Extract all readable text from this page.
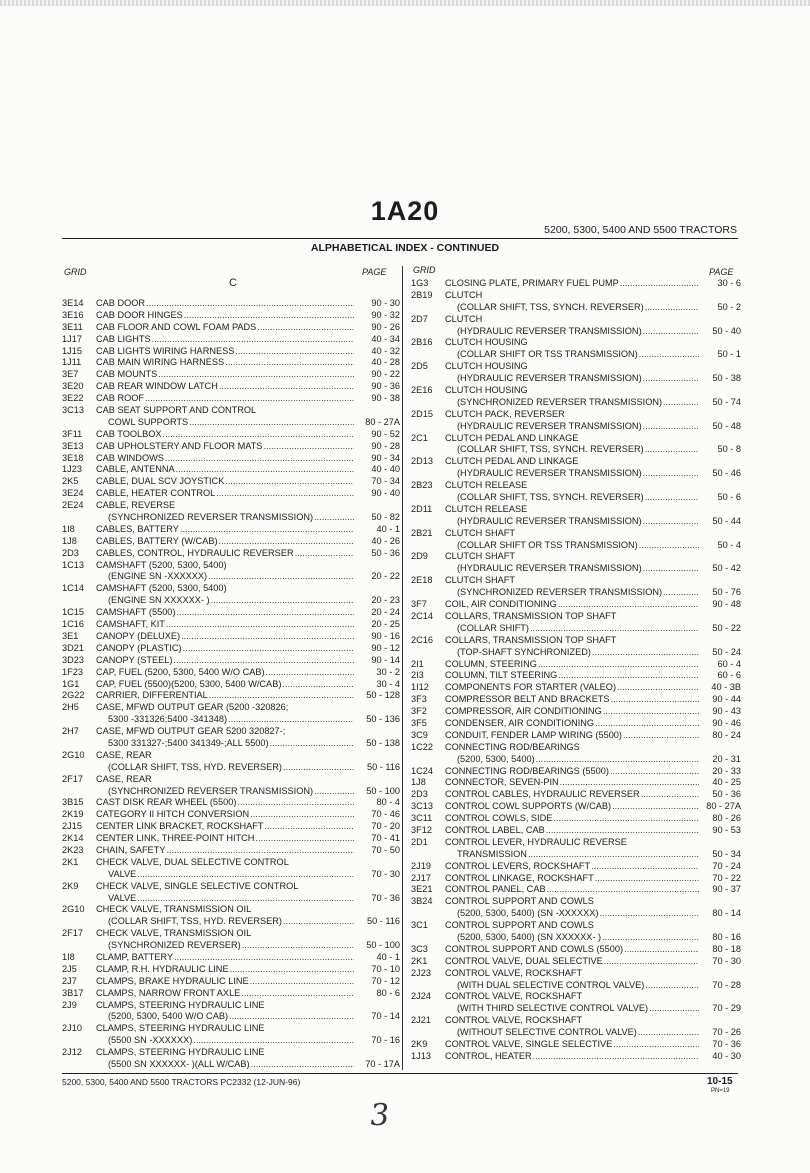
1A20
5200, 5300, 5400 AND 5500 TRACTORS
ALPHABETICAL INDEX - CONTINUED
GRID	PAGE	GRID	PAGE
C
3E14	CAB DOOR .....	90 - 30
3E16	CAB DOOR HINGES .....	90 - 32
3E11	CAB FLOOR AND COWL FOAM PADS .....	90 - 26
1J17	CAB LIGHTS .....	40 - 34
1J15	CAB LIGHTS WIRING HARNESS .....	40 - 32
1J11	CAB MAIN WIRING HARNESS .....	40 - 28
3E7	CAB MOUNTS .....	90 - 22
3E20	CAB REAR WINDOW LATCH .....	90 - 36
3E22	CAB ROOF .....	90 - 38
3C13	CAB SEAT SUPPORT AND CONTROL
COWL SUPPORTS .....	80 - 27A
3F11	CAB TOOLBOX .....	90 - 52
3E13	CAB UPHOLSTERY AND FLOOR MATS .....	90 - 28
3E18	CAB WINDOWS .....	90 - 34
1J23	CABLE, ANTENNA .....	40 - 40
2K5	CABLE, DUAL SCV JOYSTICK .....	70 - 34
3E24	CABLE, HEATER CONTROL .....	90 - 40
2E24	CABLE, REVERSE
(SYNCHRONIZED REVERSER TRANSMISSION) .....	50 - 82
1I8	CABLES, BATTERY .....	40 - 1
1J8	CABLES, BATTERY (W/CAB) .....	40 - 26
2D3	CABLES, CONTROL, HYDRAULIC REVERSER .....	50 - 36
1C13	CAMSHAFT (5200, 5300, 5400)
(ENGINE SN -XXXXXX) .....	20 - 22
1C14	CAMSHAFT (5200, 5300, 5400)
(ENGINE SN XXXXXX- ) .....	20 - 23
1C15	CAMSHAFT (5500) .....	20 - 24
1C16	CAMSHAFT, KIT .....	20 - 25
3E1	CANOPY (DELUXE) .....	90 - 16
3D21	CANOPY (PLASTIC) .....	90 - 12
3D23	CANOPY (STEEL) .....	90 - 14
1F23	CAP, FUEL (5200, 5300, 5400 W/O CAB) .....	30 - 2
1G1	CAP, FUEL (5500)(5200, 5300, 5400 W/CAB) .....	30 - 4
2G22	CARRIER, DIFFERENTIAL .....	50 - 128
2H5	CASE, MFWD OUTPUT GEAR (5200 -320826;
5300 -331326;5400 -341348) .....	50 - 136
2H7	CASE, MFWD OUTPUT GEAR 5200 320827-;
5300 331327-;5400 341349-;ALL 5500) .....	50 - 138
2G10	CASE, REAR
(COLLAR SHIFT, TSS, HYD. REVERSER) .....	50 - 116
2F17	CASE, REAR
(SYNCHRONIZED REVERSER TRANSMISSION) .....	50 - 100
3B15	CAST DISK REAR WHEEL (5500) .....	80 - 4
2K19	CATEGORY II HITCH CONVERSION .....	70 - 46
2J15	CENTER LINK BRACKET, ROCKSHAFT .....	70 - 20
2K14	CENTER LINK, THREE-POINT HITCH .....	70 - 41
2K23	CHAIN, SAFETY .....	70 - 50
2K1	CHECK VALVE, DUAL SELECTIVE CONTROL
VALVE .....	70 - 30
2K9	CHECK VALVE, SINGLE SELECTIVE CONTROL
VALVE .....	70 - 36
2G10	CHECK VALVE, TRANSMISSION OIL
(COLLAR SHIFT, TSS, HYD. REVERSER) .....	50 - 116
2F17	CHECK VALVE, TRANSMISSION OIL
(SYNCHRONIZED REVERSER) .....	50 - 100
1I8	CLAMP, BATTERY .....	40 - 1
2J5	CLAMP, R.H. HYDRAULIC LINE .....	70 - 10
2J7	CLAMPS, BRAKE HYDRAULIC LINE .....	70 - 12
3B17	CLAMPS, NARROW FRONT AXLE .....	80 - 6
2J9	CLAMPS, STEERING HYDRAULIC LINE
(5200, 5300, 5400 W/O CAB) .....	70 - 14
2J10	CLAMPS, STEERING HYDRAULIC LINE
(5500 SN -XXXXXX) .....	70 - 16
2J12	CLAMPS, STEERING HYDRAULIC LINE
(5500 SN XXXXXX- )(ALL W/CAB) .....	70 - 17A
1G3	CLOSING PLATE, PRIMARY FUEL PUMP .....	30 - 6
2B19	CLUTCH
(COLLAR SHIFT, TSS, SYNCH. REVERSER) .....	50 - 2
2D7	CLUTCH
(HYDRAULIC REVERSER TRANSMISSION) .....	50 - 40
2B16	CLUTCH HOUSING
(COLLAR SHIFT OR TSS TRANSMISSION) .....	50 - 1
2D5	CLUTCH HOUSING
(HYDRAULIC REVERSER TRANSMISSION) .....	50 - 38
2E16	CLUTCH HOUSING
(SYNCHRONIZED REVERSER TRANSMISSION) .....	50 - 74
2D15	CLUTCH PACK, REVERSER
(HYDRAULIC REVERSER TRANSMISSION) .....	50 - 48
2C1	CLUTCH PEDAL AND LINKAGE
(COLLAR SHIFT, TSS, SYNCH. REVERSER) .....	50 - 8
2D13	CLUTCH PEDAL AND LINKAGE
(HYDRAULIC REVERSER TRANSMISSION) .....	50 - 46
2B23	CLUTCH RELEASE
(COLLAR SHIFT, TSS, SYNCH. REVERSER) .....	50 - 6
2D11	CLUTCH RELEASE
(HYDRAULIC REVERSER TRANSMISSION) .....	50 - 44
2B21	CLUTCH SHAFT
(COLLAR SHIFT OR TSS TRANSMISSION) .....	50 - 4
2D9	CLUTCH SHAFT
(HYDRAULIC REVERSER TRANSMISSION) .....	50 - 42
2E18	CLUTCH SHAFT
(SYNCHRONIZED REVERSER TRANSMISSION) .....	50 - 76
3F7	COIL, AIR CONDITIONING .....	90 - 48
2C14	COLLARS, TRANSMISSION TOP SHAFT
(COLLAR SHIFT) .....	50 - 22
2C16	COLLARS, TRANSMISSION TOP SHAFT
(TOP-SHAFT SYNCHRONIZED) .....	50 - 24
2I1	COLUMN, STEERING .....	60 - 4
2I3	COLUMN, TILT STEERING .....	60 - 6
1I12	COMPONENTS FOR STARTER (VALEO) .....	40 - 3B
3F3	COMPRESSOR BELT AND BRACKETS .....	90 - 44
3F2	COMPRESSOR, AIR CONDITIONING .....	90 - 43
3F5	CONDENSER, AIR CONDITIONING .....	90 - 46
3C9	CONDUIT, FENDER LAMP WIRING (5500) .....	80 - 24
1C22	CONNECTING ROD/BEARINGS
(5200, 5300, 5400) .....	20 - 31
1C24	CONNECTING ROD/BEARINGS (5500) .....	20 - 33
1J8	CONNECTOR, SEVEN-PIN .....	40 - 25
2D3	CONTROL CABLES, HYDRAULIC REVERSER .....	50 - 36
3C13	CONTROL COWL SUPPORTS (W/CAB) .....	80 - 27A
3C11	CONTROL COWLS, SIDE .....	80 - 26
3F12	CONTROL LABEL, CAB .....	90 - 53
2D1	CONTROL LEVER, HYDRAULIC REVERSE
TRANSMISSION .....	50 - 34
2J19	CONTROL LEVERS, ROCKSHAFT .....	70 - 24
2J17	CONTROL LINKAGE, ROCKSHAFT .....	70 - 22
3E21	CONTROL PANEL, CAB .....	90 - 37
3B24	CONTROL SUPPORT AND COWLS
(5200, 5300, 5400) (SN -XXXXXX) .....	80 - 14
3C1	CONTROL SUPPORT AND COWLS
(5200, 5300, 5400) (SN XXXXXX- ) .....	80 - 16
3C3	CONTROL SUPPORT AND COWLS (5500) .....	80 - 18
2K1	CONTROL VALVE, DUAL SELECTIVE .....	70 - 30
2J23	CONTROL VALVE, ROCKSHAFT
(WITH DUAL SELECTIVE CONTROL VALVE) .....	70 - 28
2J24	CONTROL VALVE, ROCKSHAFT
(WITH THIRD SELECTIVE CONTROL VALVE) .....	70 - 29
2J21	CONTROL VALVE, ROCKSHAFT
(WITHOUT SELECTIVE CONTROL VALVE) .....	70 - 26
2K9	CONTROL VALVE, SINGLE SELECTIVE .....	70 - 36
1J13	CONTROL, HEATER .....	40 - 30
5200, 5300, 5400 AND 5500 TRACTORS PC2332 (12-JUN-96)	10-15
PN=19
3
